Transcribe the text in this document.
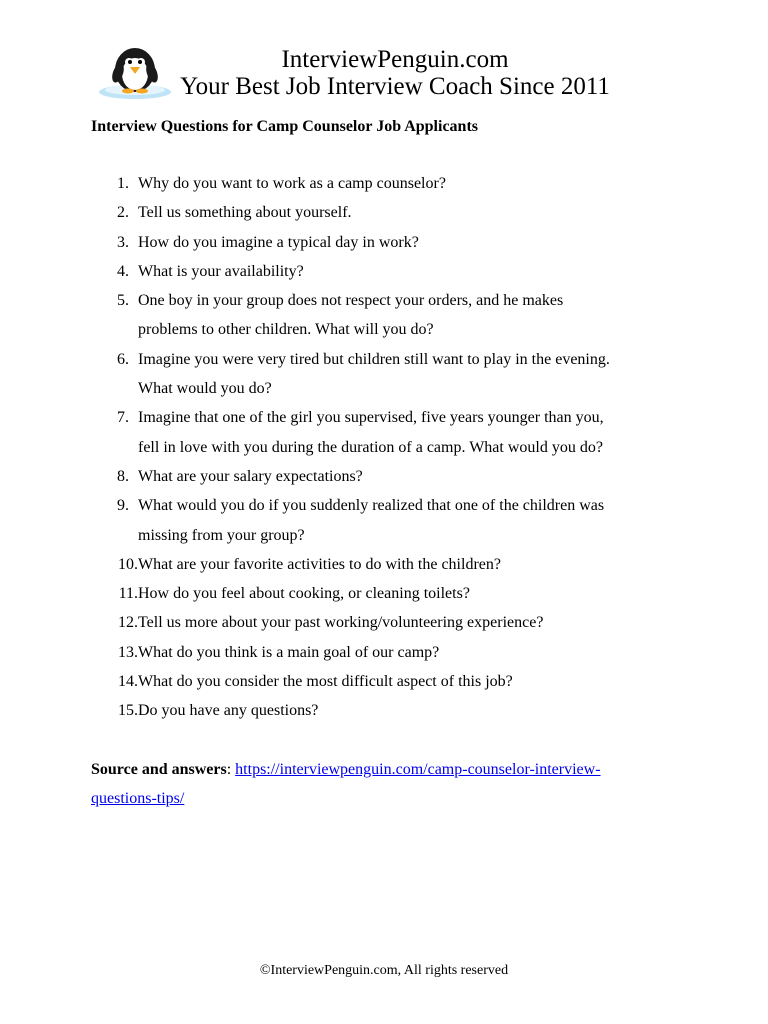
InterviewPenguin.com
Your Best Job Interview Coach Since 2011
Interview Questions for Camp Counselor Job Applicants
1. Why do you want to work as a camp counselor?
2. Tell us something about yourself.
3. How do you imagine a typical day in work?
4. What is your availability?
5. One boy in your group does not respect your orders, and he makes
problems to other children. What will you do?
6. Imagine you were very tired but children still want to play in the evening.
What would you do?
7. Imagine that one of the girl you supervised, five years younger than you,
fell in love with you during the duration of a camp. What would you do?
8. What are your salary expectations?
9. What would you do if you suddenly realized that one of the children was
missing from your group?
10. What are your favorite activities to do with the children?
11. How do you feel about cooking, or cleaning toilets?
12. Tell us more about your past working/volunteering experience?
13. What do you think is a main goal of our camp?
14. What do you consider the most difficult aspect of this job?
15. Do you have any questions?

Source and answers: https://interviewpenguin.com/camp-counselor-interview-
questions-tips/

©InterviewPenguin.com, All rights reserved
